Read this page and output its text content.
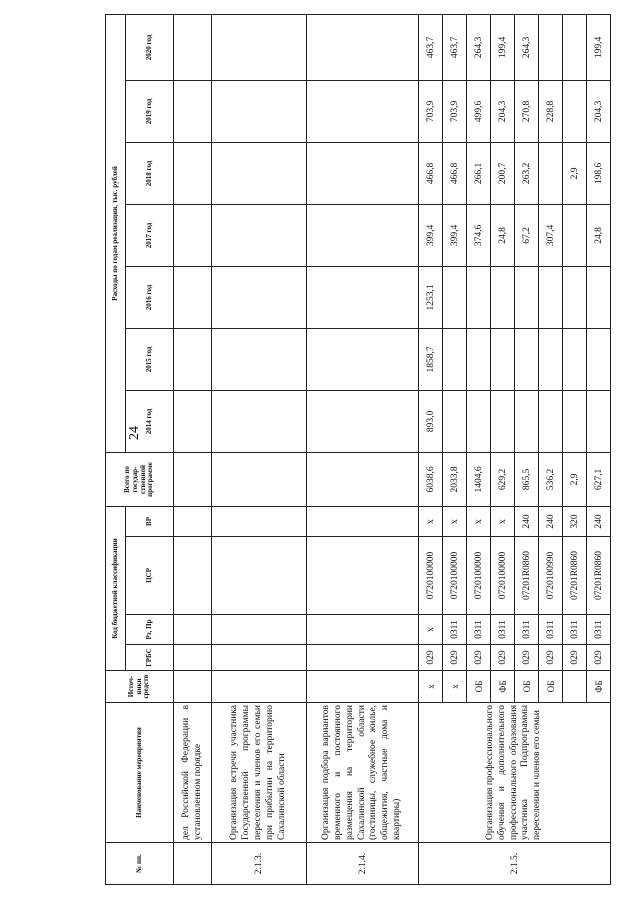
24
№ пп.	Наименование мероприятия	Источ-ники средств	Код бюджетной классификации				Всего по государ-ственной программе	Расходы по годам реализации, тыс. рублей						
			ГРБС	Рз, Пр	ЦСР	ВР		2014 год	2015 год	2016 год	2017 год	2018 год	2019 год	2020 год
	дел Российской Федерации в установленном порядке													
2.1.3.	Организация встречи участника Государственной программы переселения и членов его семьи при прибытии на территорию Сахалинской области													
2.1.4.	Организация подбора вариантов временного и постоянного размещения на территории Сахалинской области (гостиницы, служебное жилье, общежития, частные дома и квартиры)													
2.1.5.	Организация профессионального обучения и дополнительного профессионального образования участника Подпрограммы переселения и членов его семьи	x	029	x	0720100000	x	6038,6	893,0	1858,7	1253,1	399,4	466,8	703,9	463,7
		x	029	0311	0720100000	x	2033,8				399,4	466,8	703,9	463,7
		ОБ	029	0311	0720100000	x	1404,6				374,6	266,1	499,6	264,3
		ФБ	029	0311	0720100000	x	629,2				24,8	200,7	204,3	199,4
		ОБ	029	0311	07201R0860	240	865,5				67,2	263,2	270,8	264,3
		ОБ	029	0311	0720100990	240	536,2				307,4		228,8	
			029	0311	07201R0860	320	2,9					2,9		
		ФБ	029	0311	07201R0860	240	627,1				24,8	198,6	204,3	199,4
